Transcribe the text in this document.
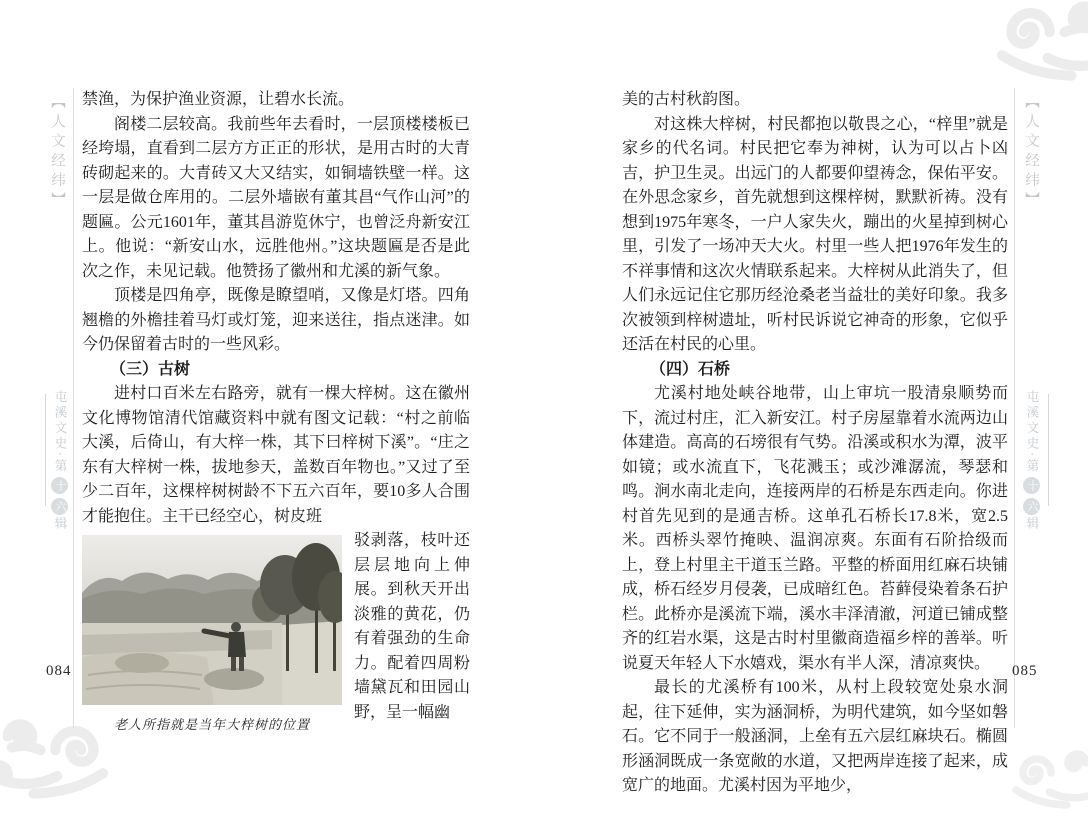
【人文经纬】
屯溪文史·第十六辑
084
【人文经纬】
屯溪文史·第十六辑
085

禁渔，为保护渔业资源，让碧水长流。

阁楼二层较高。我前些年去看时，一层顶楼楼板已经垮塌，直看到二层方方正正的形状，是用古时的大青砖砌起来的。大青砖又大又结实，如铜墙铁壁一样。这一层是做仓库用的。二层外墙嵌有董其昌“气作山河”的题匾。公元1601年，董其昌游览休宁，也曾泛舟新安江上。他说：“新安山水，远胜他州。”这块题匾是否是此次之作，未见记载。他赞扬了徽州和尤溪的新气象。

顶楼是四角亭，既像是瞭望哨，又像是灯塔。四角翘檐的外檐挂着马灯或灯笼，迎来送往，指点迷津。如今仍保留着古时的一些风彩。

（三）古树

进村口百米左右路旁，就有一棵大梓树。这在徽州文化博物馆清代馆藏资料中就有图文记载：“村之前临大溪，后倚山，有大梓一株，其下曰梓树下溪”。“庄之东有大梓树一株，拔地参天，盖数百年物也。”又过了至少二百年，这棵梓树树龄不下五六百年，要10多人合围才能抱住。主干已经空心，树皮班

老人所指就是当年大梓树的位置

驳剥落，枝叶还层层地向上伸展。到秋天开出淡雅的黄花，仍有着强劲的生命力。配着四周粉墙黛瓦和田园山野，呈一幅幽

美的古村秋韵图。

对这株大梓树，村民都抱以敬畏之心，“梓里”就是家乡的代名词。村民把它奉为神树，认为可以占卜凶吉，护卫生灵。出远门的人都要仰望祷念，保佑平安。在外思念家乡，首先就想到这棵梓树，默默祈祷。没有想到1975年寒冬，一户人家失火，蹦出的火星掉到树心里，引发了一场冲天大火。村里一些人把1976年发生的不祥事情和这次火情联系起来。大梓树从此消失了，但人们永远记住它那历经沧桑老当益壮的美好印象。我多次被领到梓树遗址，听村民诉说它神奇的形象，它似乎还活在村民的心里。

（四）石桥

尤溪村地处峡谷地带，山上审坑一股清泉顺势而下，流过村庄，汇入新安江。村子房屋靠着水流两边山体建造。高高的石塝很有气势。沿溪或积水为潭，波平如镜；或水流直下，飞花溅玉；或沙滩潺流，琴瑟和鸣。涧水南北走向，连接两岸的石桥是东西走向。你进村首先见到的是通吉桥。这单孔石桥长17.8米，宽2.5米。西桥头翠竹掩映、温润凉爽。东面有石阶拾级而上，登上村里主干道玉兰路。平整的桥面用红麻石块铺成，桥石经岁月侵袭，已成暗红色。苔藓侵染着条石护栏。此桥亦是溪流下端，溪水丰泽清澈，河道已铺成整齐的红岩水渠，这是古时村里徽商造福乡梓的善举。听说夏天年轻人下水嬉戏，渠水有半人深，清凉爽快。

最长的尤溪桥有100米，从村上段较宽处泉水洞起，往下延伸，实为涵洞桥，为明代建筑，如今坚如磐石。它不同于一般涵洞，上垒有五六层红麻块石。椭圆形涵洞既成一条宽敞的水道，又把两岸连接了起来，成宽广的地面。尤溪村因为平地少，
